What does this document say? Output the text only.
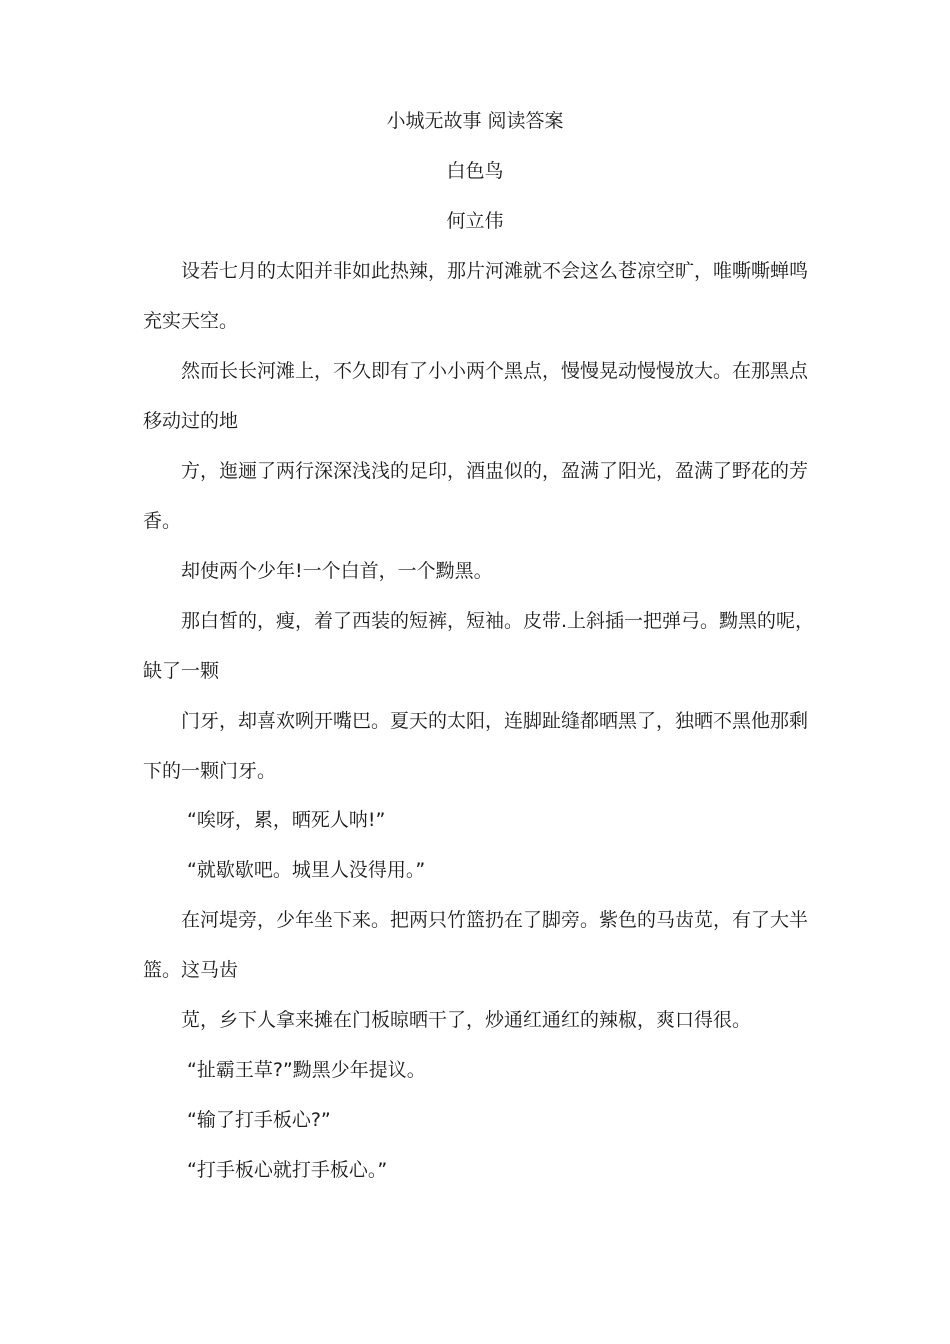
小城无故事 阅读答案
白色鸟
何立伟
设若七月的太阳并非如此热辣，那片河滩就不会这么苍凉空旷，唯嘶嘶蝉鸣
充实天空。
然而长长河滩上，不久即有了小小两个黑点，慢慢晃动慢慢放大。在那黑点
移动过的地
方，迤逦了两行深深浅浅的足印，酒盅似的，盈满了阳光，盈满了野花的芳
香。
却使两个少年!一个白首，一个黝黑。
那白皙的，瘦，着了西装的短裤，短袖。皮带.上斜插一把弹弓。黝黑的呢，
缺了一颗
门牙，却喜欢咧开嘴巴。夏天的太阳，连脚趾缝都晒黑了，独晒不黑他那剩
下的一颗门牙。
“唉呀，累，晒死人呐!”
“就歇歇吧。城里人没得用。”
在河堤旁，少年坐下来。把两只竹篮扔在了脚旁。紫色的马齿苋，有了大半
篮。这马齿
苋，乡下人拿来摊在门板晾晒干了，炒通红通红的辣椒，爽口得很。
“扯霸王草?”黝黑少年提议。
“输了打手板心?”
“打手板心就打手板心。”
